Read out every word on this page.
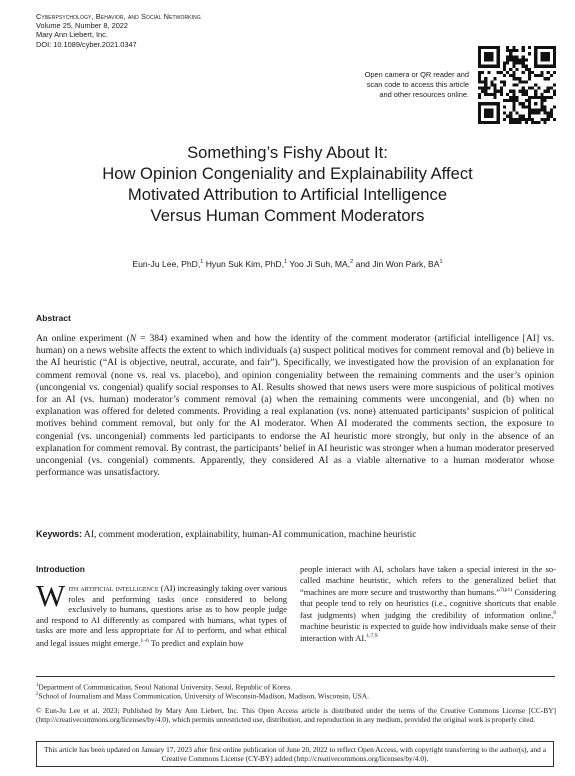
Cyberpsychology, Behavior, and Social Networking
Volume 25, Number 8, 2022
Mary Ann Liebert, Inc.
DOI: 10.1089/cyber.2021.0347
Open camera or QR reader and
scan code to access this article
and other resources online.
Something’s Fishy About It:
How Opinion Congeniality and Explainability Affect
Motivated Attribution to Artificial Intelligence
Versus Human Comment Moderators
Eun-Ju Lee, PhD,$^1$ Hyun Suk Kim, PhD,$^1$ Yoo Ji Suh, MA,$^2$ and Jin Won Park, $BA^1$
Abstract

An online experiment (N = 384) examined when and how the identity of the comment moderator (artificial intelligence [AI] vs. human) on a news website affects the extent to which individuals (a) suspect political motives for comment removal and (b) believe in the AI heuristic (“AI is objective, neutral, accurate, and fair”). Specifically, we investigated how the provision of an explanation for comment removal (none vs. real vs. placebo), and opinion congeniality between the remaining comments and the user’s opinion (uncongenial vs. congenial) qualify social responses to AI. Results showed that news users were more suspicious of political motives for an AI (vs. human) moderator’s comment removal (a) when the remaining comments were uncongenial, and (b) when no explanation was offered for deleted comments. Providing a real explanation (vs. none) attenuated participants’ suspicion of political motives behind comment removal, but only for the AI moderator. When AI moderated the comments section, the exposure to congenial (vs. uncongenial) comments led participants to endorse the AI heuristic more strongly, but only in the absence of an explanation for comment removal. By contrast, the participants’ belief in AI heuristic was stronger when a human moderator preserved uncongenial (vs. congenial) comments. Apparently, they considered AI as a viable alternative to a human moderator whose performance was unsatisfactory.

Keywords: AI, comment moderation, explainability, human-AI communication, machine heuristic
Introduction

With artificial intelligence (AI) increasingly taking over various roles and performing tasks once considered to belong exclusively to humans, questions arise as to how people judge and respond to AI differently as compared with humans, what types of tasks are more and less appropriate for AI to perform, and what ethical and legal issues might emerge.$^{1-6}$ To predict and explain how

people interact with AI, scholars have taken a special interest in the so-called machine heuristic, which refers to the generalized belief that “machines are more secure and trustworthy than humans.”$^{7(p1)}$ Considering that people tend to rely on heuristics (i.e., cognitive shortcuts that enable fast judgments) when judging the credibility of information online,$^8$ machine heuristic is expected to guide how individuals make sense of their interaction with AI.$^{1,7,9}$

$^1$Department of Communication, Seoul National University, Seoul, Republic of Korea.

$^2$School of Journalism and Mass Communication, University of Wisconsin-Madison, Madison, Wisconsin, USA.

© Eun-Ju Lee et al. 2023; Published by Mary Ann Liebert, Inc. This Open Access article is distributed under the terms of the Creative Commons License [CC-BY] (http://creativecommons.org/licenses/by/4.0), which permits unrestricted use, distribution, and reproduction in any medium, provided the original work is properly cited.

This article has been updated on January 17, 2023 after first online publication of June 20, 2022 to reflect Open Access, with copyright transferring to the author(s), and a Creative Commons License (CY-BY) added (http://creativecommons.org/licenses/by/4.0).
